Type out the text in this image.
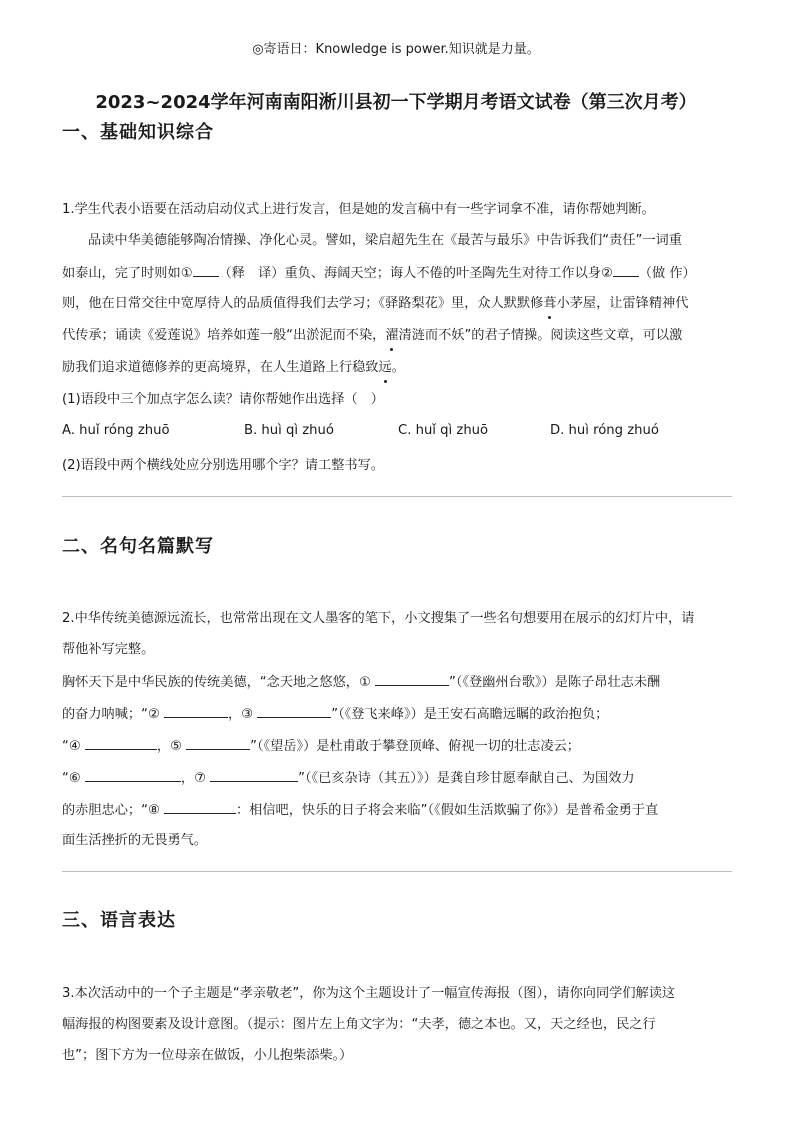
◎寄语日：Knowledge is power.知识就是力量。
2023~2024学年河南南阳淅川县初一下学期月考语文试卷（第三次月考）
一、基础知识综合
1.学生代表小语要在活动启动仪式上进行发言，但是她的发言稿中有一些字词拿不准，请你帮她判断。
品读中华美德能够陶冶情操、净化心灵。譬如，梁启超先生在《最苦与最乐》中告诉我们“责任”一词重
如泰山，完了时则如① （释　译）重负、海阔天空；诲人不倦的叶圣陶先生对待工作以身② （做 作）
则，他在日常交往中宽厚待人的品质值得我们去学习；《驿路梨花》里，众人默默修葺小茅屋，让雷锋精神代
代传承；诵读《爱莲说》培养如莲一般“出淤泥而不染，濯清涟而不妖”的君子情操。阅读这些文章，可以激
励我们追求道德修养的更高境界，在人生道路上行稳致远。
(1)语段中三个加点字怎么读？请你帮她作出选择（　）
A. huǐ róng zhuō	B. huì qì zhuó	C. huǐ qì zhuō	D. huì róng zhuó
(2)语段中两个横线处应分别选用哪个字？请工整书写。
二、名句名篇默写
2.中华传统美德源远流长，也常常出现在文人墨客的笔下，小文搜集了一些名句想要用在展示的幻灯片中，请
帮他补写完整。
胸怀天下是中华民族的传统美德，“念天地之悠悠，①	”（《登幽州台歌》）是陈子昂壮志未酬
的奋力呐喊；“②	，③	”（《登飞来峰》）是王安石高瞻远瞩的政治抱负；
“④	，⑤	”（《望岳》）是杜甫敢于攀登顶峰、俯视一切的壮志凌云；
“⑥	，⑦	”（《已亥杂诗（其五）》）是龚自珍甘愿奉献自己、为国效力
的赤胆忠心；“⑧	：相信吧，快乐的日子将会来临”（《假如生活欺骗了你》）是普希金勇于直
面生活挫折的无畏勇气。
三、语言表达
3.本次活动中的一个子主题是“孝亲敬老”，你为这个主题设计了一幅宣传海报（图），请你向同学们解读这
幅海报的构图要素及设计意图。（提示：图片左上角文字为：“夫孝，德之本也。又，天之经也，民之行
也”；图下方为一位母亲在做饭，小儿抱柴添柴。）
